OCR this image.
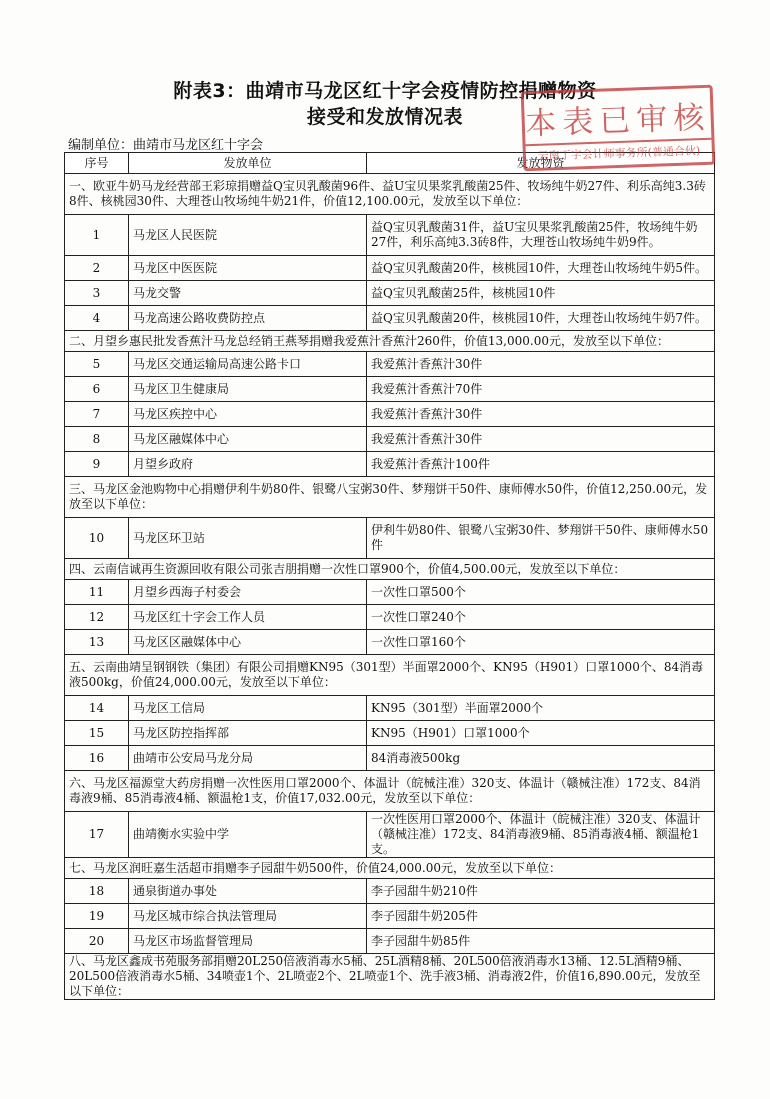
附表3：曲靖市马龙区红十字会疫情防控捐赠物资
接受和发放情况表
编制单位：曲靖市马龙区红十字会
序号	发放单位	发放物资
一、欧亚牛奶马龙经营部王彩琼捐赠益Q宝贝乳酸菌96件、益U宝贝果浆乳酸菌25件、牧场纯牛奶27件、利乐高纯3.3砖8件、核桃园30件、大理苍山牧场纯牛奶21件，价值12,100.00元，发放至以下单位：		
1	马龙区人民医院	益Q宝贝乳酸菌31件，益U宝贝果浆乳酸菌25件，牧场纯牛奶27件，利乐高纯3.3砖8件，大理苍山牧场纯牛奶9件。
2	马龙区中医医院	益Q宝贝乳酸菌20件，核桃园10件，大理苍山牧场纯牛奶5件。
3	马龙交警	益Q宝贝乳酸菌25件，核桃园10件
4	马龙高速公路收费防控点	益Q宝贝乳酸菌20件，核桃园10件，大理苍山牧场纯牛奶7件。
二、月望乡惠民批发香蕉汁马龙总经销王燕琴捐赠我爱蕉汁香蕉汁260件，价值13,000.00元，发放至以下单位：		
5	马龙区交通运输局高速公路卡口	我爱蕉汁香蕉汁30件
6	马龙区卫生健康局	我爱蕉汁香蕉汁70件
7	马龙区疾控中心	我爱蕉汁香蕉汁30件
8	马龙区融媒体中心	我爱蕉汁香蕉汁30件
9	月望乡政府	我爱蕉汁香蕉汁100件
三、马龙区金池购物中心捐赠伊利牛奶80件、银鹭八宝粥30件、梦翔饼干50件、康师傅水50件，价值12,250.00元，发放至以下单位：		
10	马龙区环卫站	伊利牛奶80件、银鹭八宝粥30件、梦翔饼干50件、康师傅水50件
四、云南信诚再生资源回收有限公司张吉朋捐赠一次性口罩900个，价值4,500.00元，发放至以下单位：		
11	月望乡西海子村委会	一次性口罩500个
12	马龙区红十字会工作人员	一次性口罩240个
13	马龙区区融媒体中心	一次性口罩160个
五、云南曲靖呈钢钢铁（集团）有限公司捐赠KN95（301型）半面罩2000个、KN95（H901）口罩1000个、84消毒液500kg，价值24,000.00元，发放至以下单位：		
14	马龙区工信局	KN95（301型）半面罩2000个
15	马龙区防控指挥部	KN95（H901）口罩1000个
16	曲靖市公安局马龙分局	84消毒液500kg
六、马龙区福源堂大药房捐赠一次性医用口罩2000个、体温计（皖械注准）320支、体温计（赣械注准）172支、84消毒液9桶、85消毒液4桶、额温枪1支，价值17,032.00元，发放至以下单位：		
17	曲靖衡水实验中学	一次性医用口罩2000个、体温计（皖械注准）320支、体温计（赣械注准）172支、84消毒液9桶、85消毒液4桶、额温枪1支。
七、马龙区润旺嘉生活超市捐赠李子园甜牛奶500件，价值24,000.00元，发放至以下单位：		
18	通泉街道办事处	李子园甜牛奶210件
19	马龙区城市综合执法管理局	李子园甜牛奶205件
20	马龙区市场监督管理局	李子园甜牛奶85件
八、马龙区鑫成书苑服务部捐赠20L250倍液消毒水5桶、25L酒精8桶、20L500倍液消毒水13桶、12.5L酒精9桶、20L500倍液消毒水5桶、34喷壶1个、2L喷壶2个、2L喷壶1个、洗手液3桶、消毒液2件，价值16,890.00元，发放至以下单位：		
本表已审核
云南丁字会计师事务所(普通合伙)
